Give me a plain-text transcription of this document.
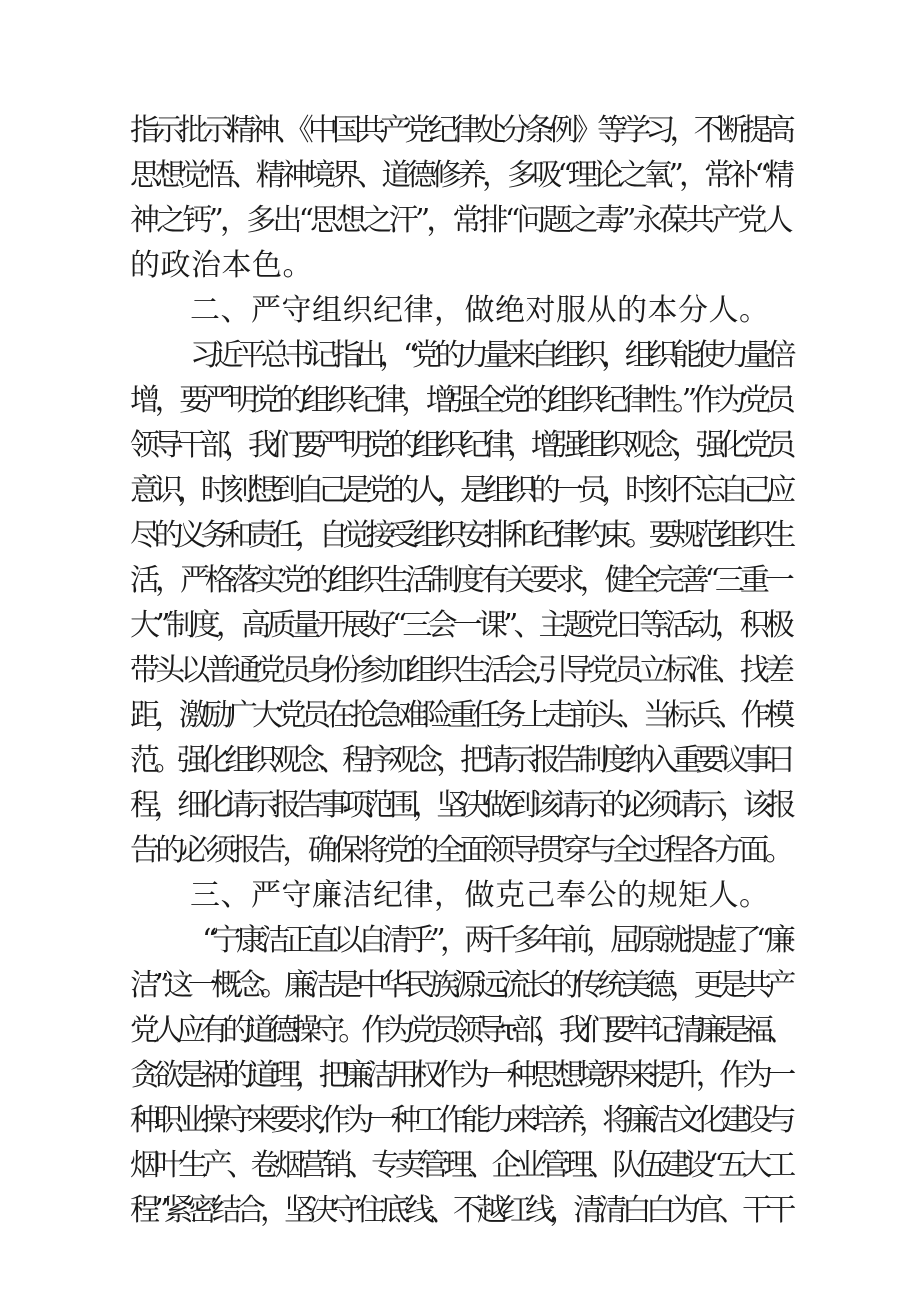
指示批示精神、《中国共产党纪律处分条例》等学习，不断提高
思想觉悟、精神境界、道德修养，多吸“理论之氧”，常补“精
神之钙”，多出“思想之汗”，常排“问题之毒”永葆共产党人
的政治本色。
二、严守组织纪律，做绝对服从的本分人。
习近平总书记指出，“党的力量来自组织，组织能使力量倍
增，要严明党的组织纪律，增强全党的组织纪律性。”作为党员
领导干部，我们要严明党的组织纪律，增强组织观念，强化党员
意识，时刻想到自己是党的人，是组织的一员，时刻不忘自己应
尽的义务和责任，自觉接受组织安排和纪律约束。要规范组织生
活，严格落实党的组织生活制度有关要求，健全完善“三重一
大”制度，高质量开展好“三会一课”、主题党日等活动，积极
带头以普通党员身份参加组织生活会,引导党员立标准、找差
距，激励广大党员在抢急难险重任务上走前头、当标兵、作模
范。强化组织观念、程序观念，把请示报告制度纳入重要议事日
程，细化请示报告事项范围，坚决做到该请示的必须请示，该报
告的必须报告，确保将党的全面领导贯穿与全过程各方面。
三、严守廉洁纪律，做克己奉公的规矩人。
“宁康洁正直以自清乎”，两千多年前，屈原就提虚了“廉
洁”这一概念。廉洁是中华民族源远流长的传统美德，更是共产
党人应有的道德操守。作为党员领导τ·部，我们要牢记清廉是福、
贪欲是祸的道理，把廉洁用权作为一种思想境界来提升，作为一
种职业操守来要求,作为一种工作能力来培养，将廉洁文化建设与
烟叶生产、卷烟营销、专卖管理、企业管理、队伍建设“五大工
程”紧密结合，坚决守住底线、不越红线，清清白白为官、干干
